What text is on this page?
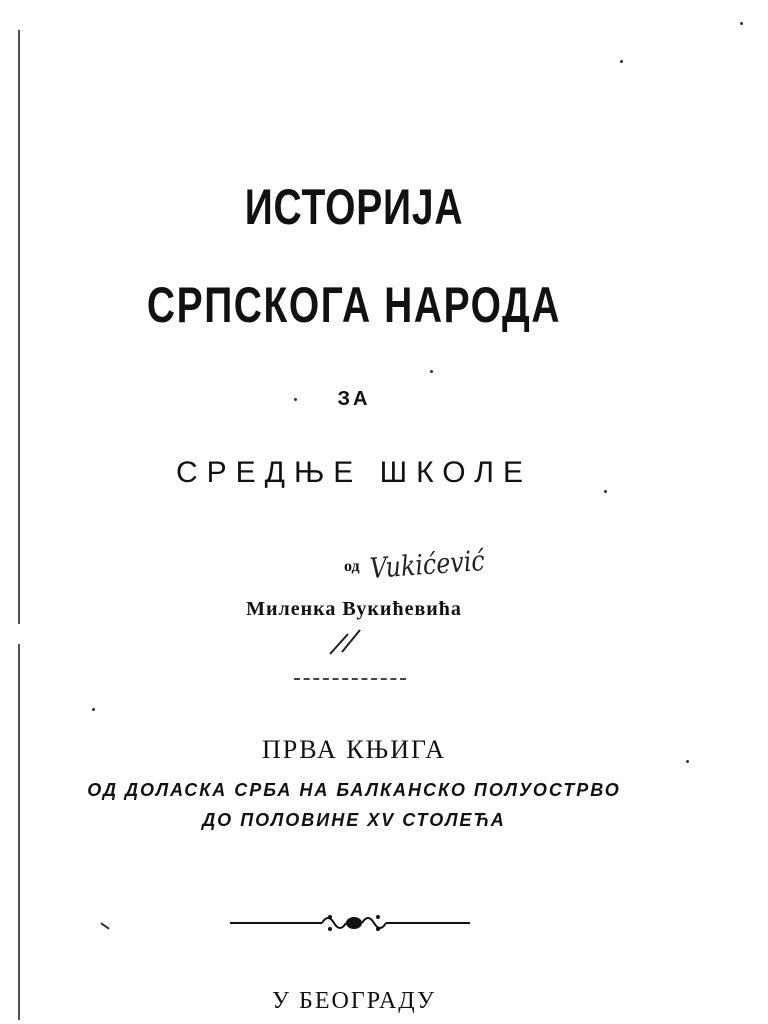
ИСТОРИЈА
СРПСКОГА НАРОДА
ЗА
СРЕДЊЕ ШКОЛЕ
од Vukićević
Миленка Вукићевића
ПРВА КЊИГА
ОД ДОЛАСКА СРБА НА БАЛКАНСКО ПОЛУОСТРВО
ДО ПОЛОВИНЕ XV СТОЛЕЋА
У БЕОГРАДУ
